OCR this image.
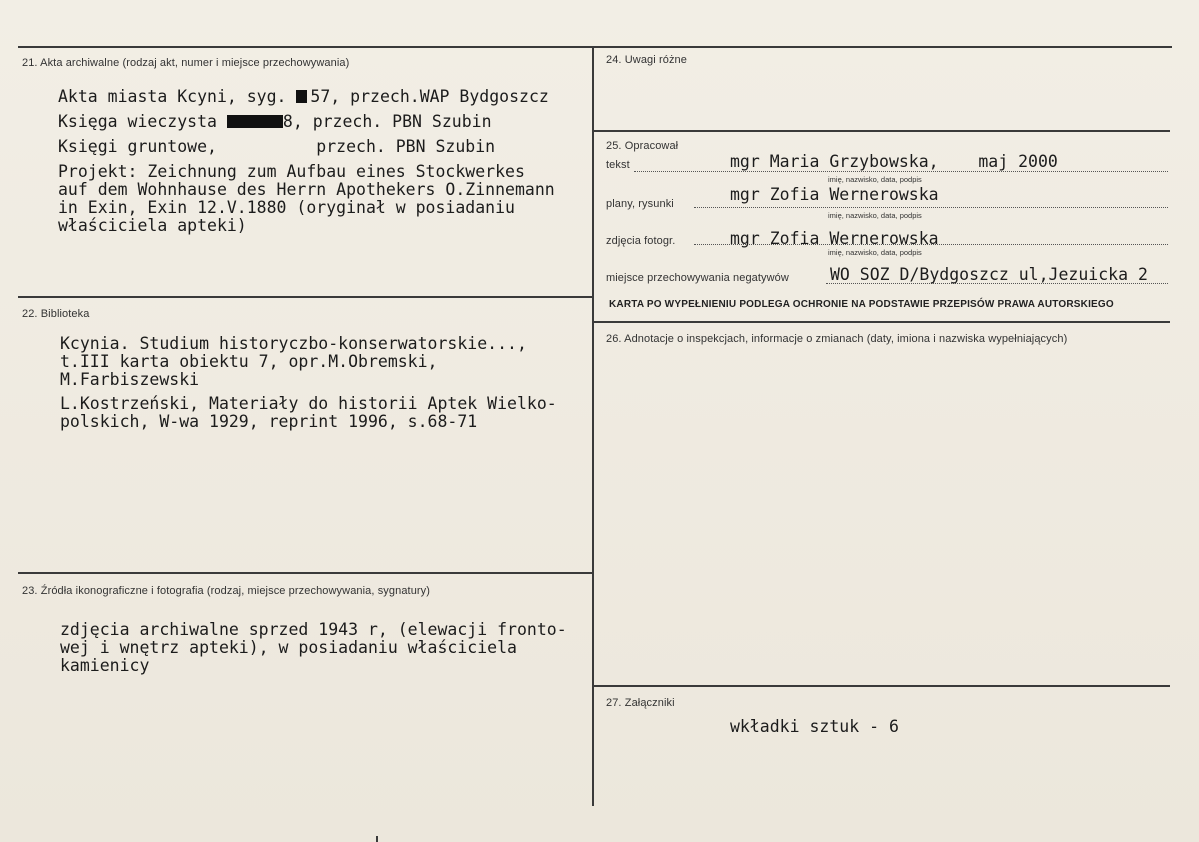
21. Akta archiwalne (rodzaj akt, numer i miejsce przechowywania)
Akta miasta Kcyni, syg. 57, przech.WAP Bydgoszcz
Księga wieczysta	8, przech. PBN Szubin
Księgi gruntowe,          przech. PBN Szubin
Projekt: Zeichnung zum Aufbau eines Stockwerkes
auf dem Wohnhause des Herrn Apothekers O.Zinnemann
in Exin, Exin 12.V.1880 (oryginał w posiadaniu
właściciela apteki)
22. Biblioteka
Kcynia. Studium historyczbo-konserwatorskie...,
t.III karta obiektu 7, opr.M.Obremski,
M.Farbiszewski
L.Kostrzeński, Materiały do historii Aptek Wielko-
polskich, W-wa 1929, reprint 1996, s.68-71
23. Źródła ikonograficzne i fotografia (rodzaj, miejsce przechowywania, sygnatury)
zdjęcia archiwalne sprzed 1943 r, (elewacji fronto-
wej i wnętrz apteki), w posiadaniu właściciela
kamienicy
24. Uwagi różne
25. Opracował
tekst	mgr Maria Grzybowska,    maj 2000
imię, nazwisko, data, podpis
plany, rysunki	mgr Zofia Wernerowska
imię, nazwisko, data, podpis
zdjęcia fotogr.	mgr Zofia Wernerowska
imię, nazwisko, data, podpis
miejsce przechowywania negatywów WO SOZ D/Bydgoszcz ul,Jezuicka 2
KARTA PO WYPEŁNIENIU PODLEGA OCHRONIE NA PODSTAWIE PRZEPISÓW PRAWA AUTORSKIEGO
26. Adnotacje o inspekcjach, informacje o zmianach (daty, imiona i nazwiska wypełniających)
27. Załączniki
wkładki sztuk - 6
